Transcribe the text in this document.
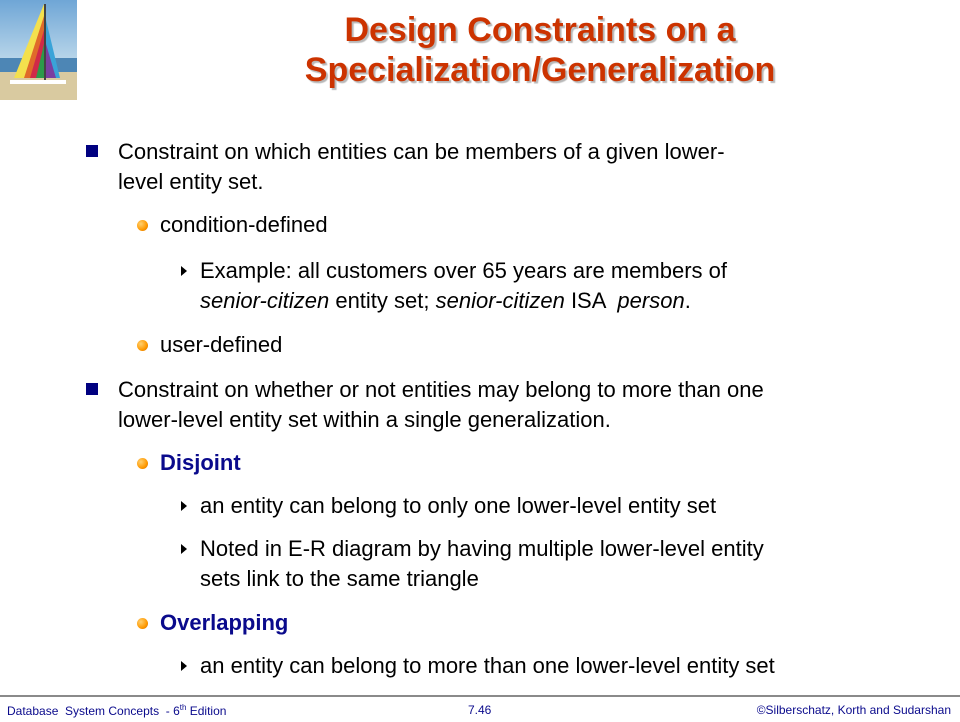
Design Constraints on a
Specialization/Generalization
Constraint on which entities can be members of a given lower-
level entity set.
condition-defined
Example: all customers over 65 years are members of
senior-citizen entity set; senior-citizen ISA  person.
user-defined
Constraint on whether or not entities may belong to more than one
lower-level entity set within a single generalization.
Disjoint
an entity can belong to only one lower-level entity set
Noted in E-R diagram by having multiple lower-level entity
sets link to the same triangle
Overlapping
an entity can belong to more than one lower-level entity set
Database  System Concepts  - 6th Edition	7.46	©Silberschatz, Korth and Sudarshan
